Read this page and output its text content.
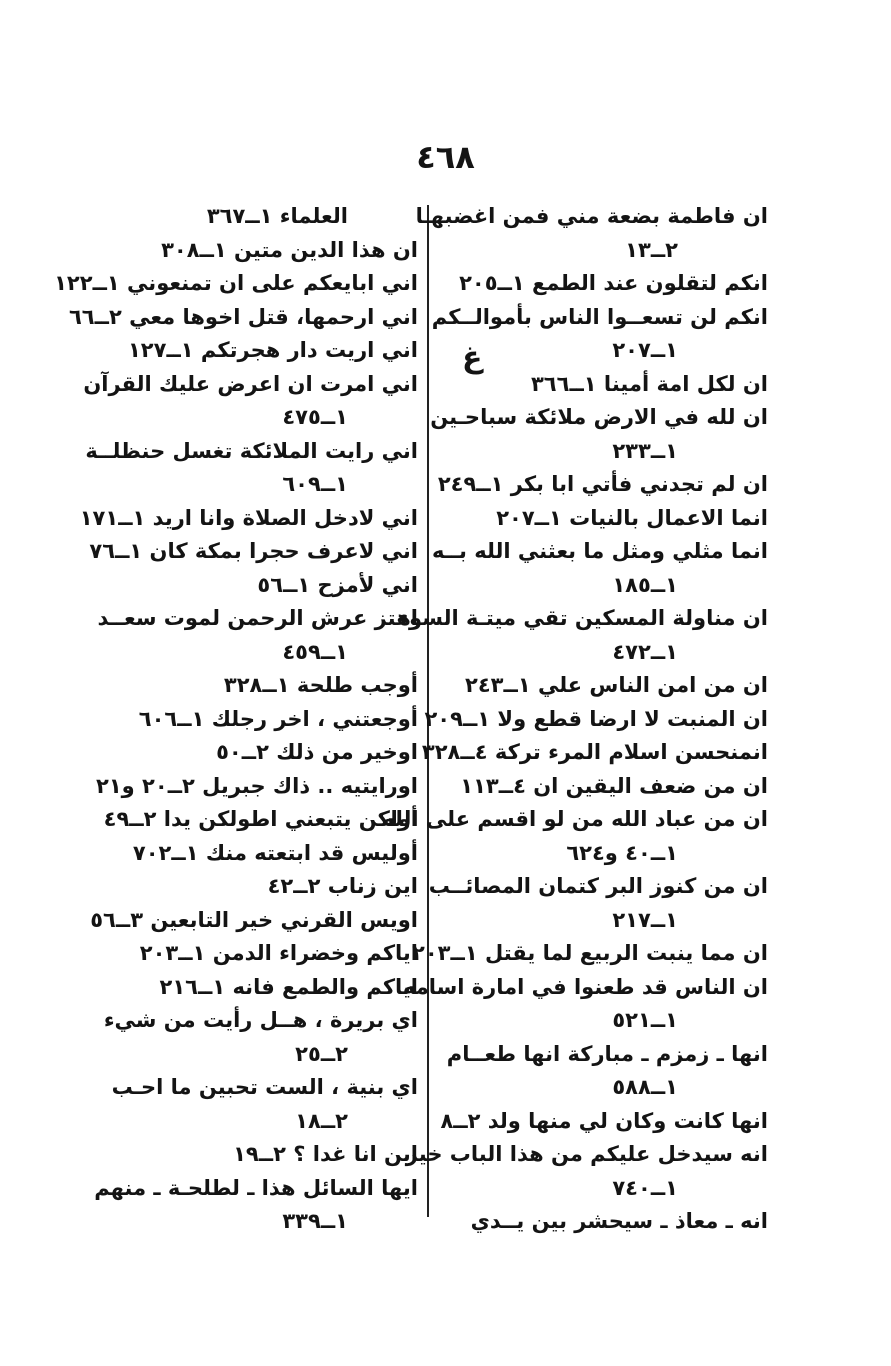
٤٦٨
ﻍ
ان فاطمة بضعة مني فمن اغضبهـا
٢ــ١٣
انكم لتقلون عند الطمع ١ــ٢٠٥
انكم لن تسعــوا الناس بأموالــكم
١ــ٢٠٧
ان لكل امة أمينا ١ــ٣٦٦
ان لله في الارض ملائكة سباحـين
١ــ٢٣٣
ان لم تجدني فأتي ابا بكر ١ــ٢٤٩
انما الاعمال بالنيات ١ــ٢٠٧
انما مثلي ومثل ما بعثني الله بــه
١ــ١٨٥
ان مناولة المسكين تقي ميتـة السوء
١ــ٤٧٢
ان من امن الناس علي ١ــ٢٤٣
ان المنبت لا ارضا قطع ولا ١ــ٢٠٩
انمنحسن اسلام المرء تركة ٤ــ٣٢٨
ان من ضعف اليقين ان ٤ــ١١٣
ان من عباد الله من لو اقسم على الله
١ــ٤٠ و٦٢٤
ان من كنوز البر كتمان المصائــب
١ــ٢١٧
ان مما ينبت الربيع لما يقتل ١ــ٢٠٣
ان الناس قد طعنوا في امارة اسامه
١ــ٥٢١
انها ـ زمزم ـ مباركة انها طعــام
١ــ٥٨٨
انها كانت وكان لي منها ولد ٢ــ٨
انه سيدخل عليكم من هذا الباب خير
١ــ٧٤٠
انه ـ معاذ ـ سيحشر بين يــدي
العلماء ١ــ٣٦٧
ان هذا الدين متين ١ــ٣٠٨
اني ابايعكم على ان تمنعوني ١ــ١٢٢
اني ارحمها، قتل اخوها معي ٢ــ٦٦
اني اريت دار هجرتكم ١ــ١٢٧
اني امرت ان اعرض عليك القرآن
١ــ٤٧٥
اني رايت الملائكة تغسل حنظلــة
١ــ٦٠٩
اني لادخل الصلاة وانا اريد ١ــ١٧١
اني لاعرف حجرا بمكة كان ١ــ٧٦
اني لأمزح ١ــ٥٦
اهتز عرش الرحمن لموت سعــد
١ــ٤٥٩
أوجب طلحة ١ــ٣٢٨
أوجعتني ، اخر رجلك ١ــ٦٠٦
اوخير من ذلك ٢ــ٥٠
اورايتيه .. ذاك جبريل ٢ــ٢٠ و٢١
أولكن يتبعني اطولكن يدا ٢ــ٤٩
أوليس قد ابتعته منك ١ــ٧٠٢
اين زناب ٢ــ٤٢
اويس القرني خير التابعين ٣ــ٥٦
اياكم وخضراء الدمن ١ــ٢٠٣
اياكم والطمع فانه ١ــ٢١٦
اي بريرة ، هــل رأيت من شيء
٢ــ٢٥
اي بنية ، الست تحبين ما احـب
٢ــ١٨
اين انا غدا ؟ ٢ــ١٩
ايها السائل هذا ـ لطلحـة ـ منهم
١ــ٣٣٩
